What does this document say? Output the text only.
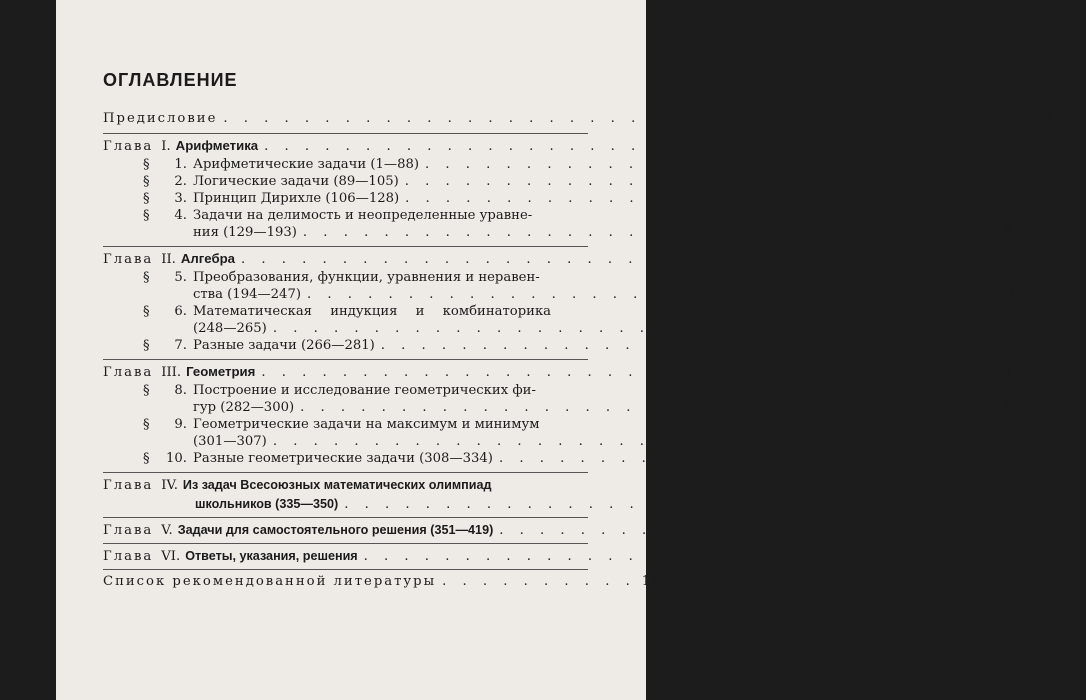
ОГЛАВЛЕНИЕ
Предисловие . . . . . . . . . . . . . . . . . . . . . . . . . . . . . . . . . . . . . . . .	4
Глава I. Арифметика . . . . . . . . . . . . . . . . . . . . . . . . . . . . . . . . . . . .	5
§	1. Арифметические задачи (1—88) . . . . . . . . . . . . . . . . . . . . . . . . . . . .	5
§	2. Логические задачи (89—105) . . . . . . . . . . . . . . . . . . . . . . . . . . . . 13
§	3. Принцип Дирихле (106—128) . . . . . . . . . . . . . . . . . . . . . . . . . . . . 16
§	4. Задачи на делимость и неопределенные уравне-
ния (129—193) . . . . . . . . . . . . . . . . . . . . . . . . . . . . . . . . . . 18
Глава II. Алгебра . . . . . . . . . . . . . . . . . . . . . . . . . . . . . . . . . . . . 24
§	5. Преобразования, функции, уравнения и неравен-
ства (194—247) . . . . . . . . . . . . . . . . . . . . . . . . . . . . . . . . . . 24
§	6. Математическая индукция и комбинаторика
(248—265) . . . . . . . . . . . . . . . . . . . . . . . . . . . . . . . . . . 29
§	7. Разные задачи (266—281) . . . . . . . . . . . . . . . . . . . . . . . . . . . . 31
Глава III. Геометрия . . . . . . . . . . . . . . . . . . . . . . . . . . . . . . . . . . . . 33
§	8. Построение и исследование геометрических фи-
гур (282—300) . . . . . . . . . . . . . . . . . . . . . . . . . . . . . . . . . . 33
§	9. Геометрические задачи на максимум и минимум
(301—307) . . . . . . . . . . . . . . . . . . . . . . . . . . . . . . . . . . 34
§	10. Разные геометрические задачи (308—334) . . . . . . . . . . . . . . . . . . . . . . . . . . . . 35
Глава IV. Из задач Всесоюзных математических олимпиад
школьников (335—350) . . . . . . . . . . . . . . . . . . . . . . . . . . . . . . . . . . 38
Глава V. Задачи для самостоятельного решения (351—419) . . . . . . . . . . 41
Глава VI. Ответы, указания, решения . . . . . . . . . . . . . . . . . . . . . . . . . . . 48
Список рекомендованной литературы . . . . . . . . . . 111
